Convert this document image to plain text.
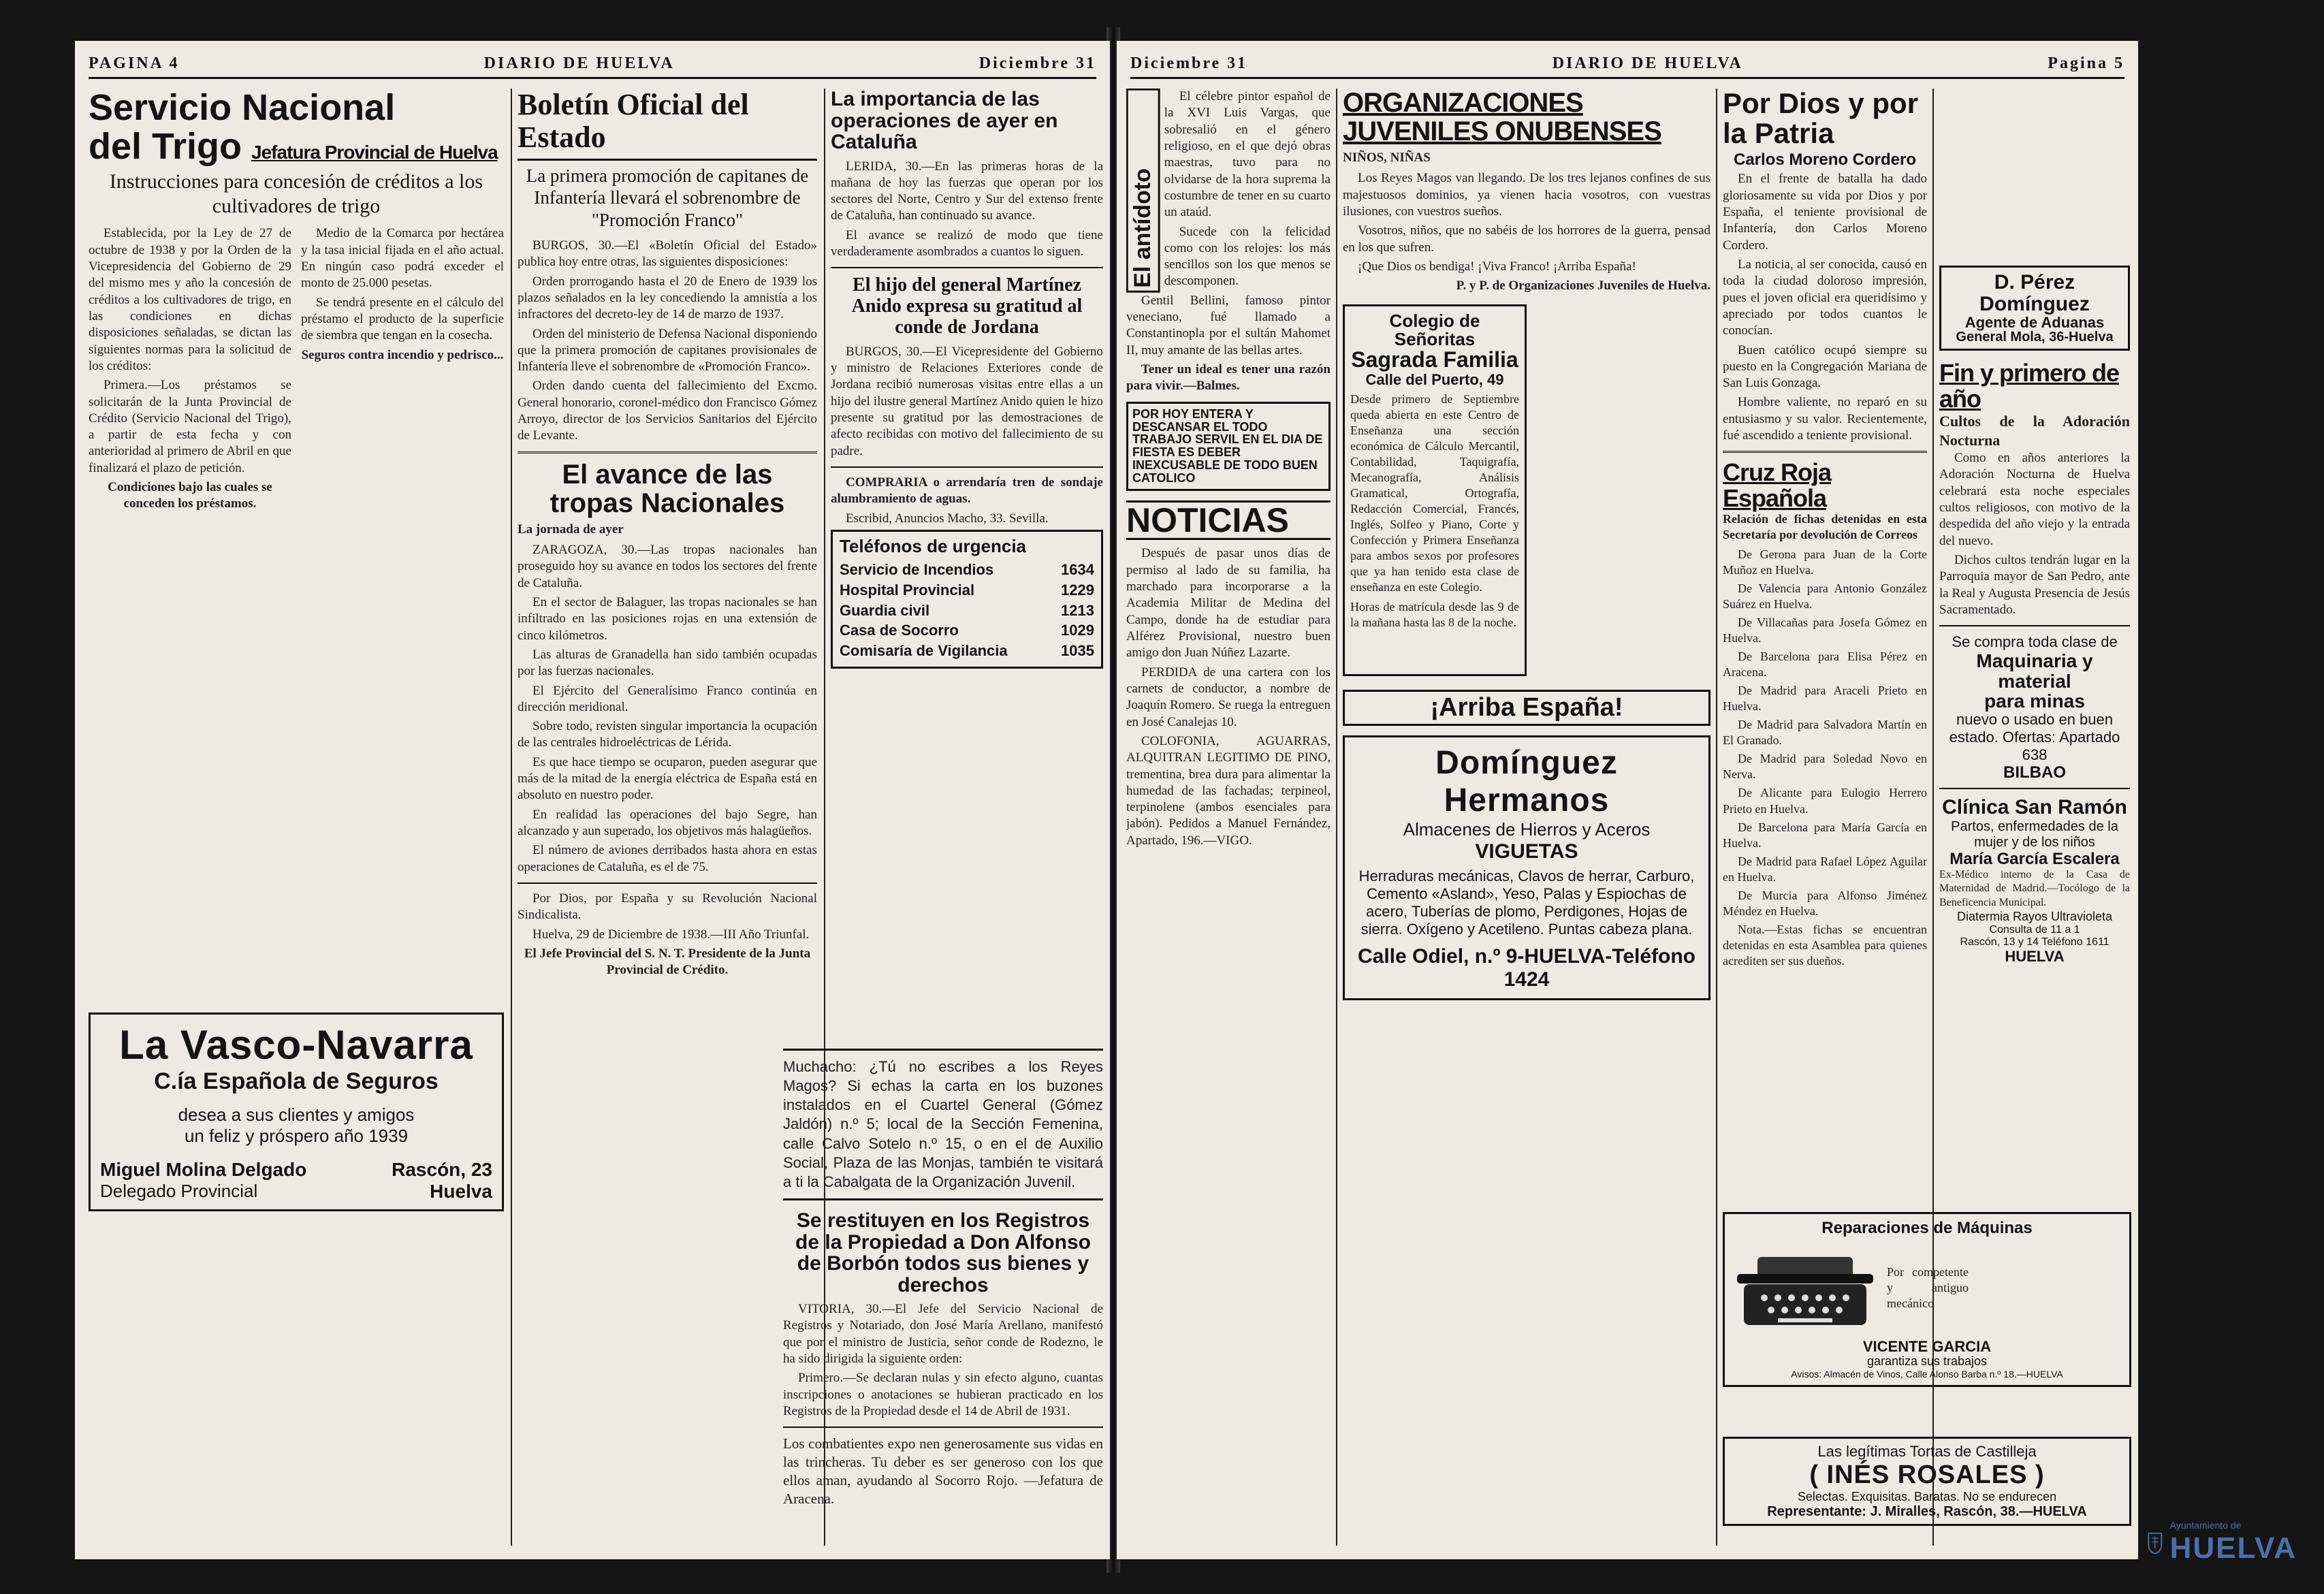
PAGINA 4	DIARIO DE HUELVA	Diciembre 31
Servicio Nacional
del Trigo Jefatura Provincial de Huelva
Instrucciones para concesión de créditos a los cultivadores de trigo

Establecida, por la Ley de 27 de octubre de 1938 y por la Orden de la Vicepresidencia del Gobierno de 29 del mismo mes y año la concesión de créditos a los cultivadores de trigo, en las condiciones en dichas disposiciones señaladas, se dictan las siguientes normas para la solicitud de los créditos:

Primera.—Los préstamos se solicitarán de la Junta Provincial de Crédito (Servicio Nacional del Trigo), a partir de esta fecha y con anterioridad al primero de Abril en que finalizará el plazo de petición.

Condiciones bajo las cuales se conceden los préstamos.

Medio de la Comarca por hectárea y la tasa inicial fijada en el año actual. En ningún caso podrá exceder el monto de 25.000 pesetas.

Se tendrá presente en el cálculo del préstamo el producto de la superficie de siembra que tengan en la cosecha.

Seguros contra incendio y pedrisco...

La Vasco-Navarra
C.ía Española de Seguros
desea a sus clientes y amigos
un feliz y próspero año 1939
Miguel Molina Delgado	Rascón, 23
Delegado Provincial	Huelva
Boletín Oficial del Estado
La primera promoción de capitanes de Infantería llevará el sobrenombre de "Promoción Franco"

BURGOS, 30.—El «Boletín Oficial del Estado» publica hoy entre otras, las siguientes disposiciones:

Orden prorrogando hasta el 20 de Enero de 1939 los plazos señalados en la ley concediendo la amnistía a los infractores del decreto-ley de 14 de marzo de 1937.

Orden del ministerio de Defensa Nacional disponiendo que la primera promoción de capitanes provisionales de Infantería lleve el sobrenombre de «Promoción Franco».

Orden dando cuenta del fallecimiento del Excmo. General honorario, coronel-médico don Francisco Gómez Arroyo, director de los Servicios Sanitarios del Ejército de Levante.

El avance de las tropas Nacionales
La jornada de ayer

ZARAGOZA, 30.—Las tropas nacionales han proseguido hoy su avance en todos los sectores del frente de Cataluña.

En el sector de Balaguer, las tropas nacionales se han infiltrado en las posiciones rojas en una extensión de cinco kilómetros.

Las alturas de Granadella han sido también ocupadas por las fuerzas nacionales.

El Ejército del Generalísimo Franco continúa en dirección meridional.

Sobre todo, revisten singular importancia la ocupación de las centrales hidroeléctricas de Lérida.

Es que hace tiempo se ocuparon, pueden asegurar que más de la mitad de la energía eléctrica de España está en absoluto en nuestro poder.

En realidad las operaciones del bajo Segre, han alcanzado y aun superado, los objetivos más halagüeños.

El número de aviones derribados hasta ahora en estas operaciones de Cataluña, es el de 75.

Por Dios, por España y su Revolución Nacional Sindicalista.

Huelva, 29 de Diciembre de 1938.—III Año Triunfal.

El Jefe Provincial del S. N. T. Presidente de la Junta Provincial de Crédito.

La importancia de las operaciones de ayer en Cataluña

LERIDA, 30.—En las primeras horas de la mañana de hoy las fuerzas que operan por los sectores del Norte, Centro y Sur del extenso frente de Cataluña, han continuado su avance.

El avance se realizó de modo que tiene verdaderamente asombrados a cuantos lo siguen.

El hijo del general Martínez Anido expresa su gratitud al conde de Jordana

BURGOS, 30.—El Vicepresidente del Gobierno y ministro de Relaciones Exteriores conde de Jordana recibió numerosas visitas entre ellas a un hijo del ilustre general Martínez Anido quien le hizo presente su gratitud por las demostraciones de afecto recibidas con motivo del fallecimiento de su padre.

COMPRARIA o arrendaría tren de sondaje alumbramiento de aguas.

Escribid, Anuncios Macho, 33. Sevilla.

Teléfonos de urgencia
Servicio de Incendios	1634
Hospital Provincial	1229
Guardia civil	1213
Casa de Socorro	1029
Comisaría de Vigilancia	1035
Muchacho: ¿Tú no escribes a los Reyes Magos? Si echas la carta en los buzones instalados en el Cuartel General (Gómez Jaldón) n.º 5; local de la Sección Femenina, calle Calvo Sotelo n.º 15, o en el de Auxilio Social, Plaza de las Monjas, también te visitará a ti la Cabalgata de la Organización Juvenil.
Se restituyen en los Registros de la Propiedad a Don Alfonso de Borbón todos sus bienes y derechos

VITORIA, 30.—El Jefe del Servicio Nacional de Registros y Notariado, don José María Arellano, manifestó que por el ministro de Justicia, señor conde de Rodezno, le ha sido dirigida la siguiente orden:

Primero.—Se declaran nulas y sin efecto alguno, cuantas inscripciones o anotaciones se hubieran practicado en los Registros de la Propiedad desde el 14 de Abril de 1931.

Los combatientes expo nen generosamente sus vidas en las trincheras. Tu deber es ser generoso con los que ellos aman, ayudando al Socorro Rojo. —Jefatura de Aracena.
Diciembre 31	DIARIO DE HUELVA	Pagina 5
El antídoto

El célebre pintor español de la XVI Luis Vargas, que sobresalió en el género religioso, en el que dejó obras maestras, tuvo para no olvidarse de la hora suprema la costumbre de tener en su cuarto un ataúd.

Sucede con la felicidad como con los relojes: los más sencillos son los que menos se descomponen.

Gentil Bellini, famoso pintor veneciano, fué llamado a Constantinopla por el sultán Mahomet II, muy amante de las bellas artes.

Tener un ideal es tener una razón para vivir.—Balmes.

POR HOY ENTERA Y DESCANSAR EL TODO TRABAJO SERVIL EN EL DIA DE FIESTA ES DEBER INEXCUSABLE DE TODO BUEN CATOLICO
NOTICIAS

Después de pasar unos días de permiso al lado de su familia, ha marchado para incorporarse a la Academia Militar de Medina del Campo, donde ha de estudiar para Alférez Provisional, nuestro buen amigo don Juan Núñez Lazarte.

PERDIDA de una cartera con los carnets de conductor, a nombre de Joaquín Romero. Se ruega la entreguen en José Canalejas 10.

COLOFONIA, AGUARRAS, ALQUITRAN LEGITIMO DE PINO, trementina, brea dura para alimentar la humedad de las fachadas; terpineol, terpinolene (ambos esenciales para jabón). Pedidos a Manuel Fernández, Apartado, 196.—VIGO.

ORGANIZACIONES JUVENILES ONUBENSES
NIÑOS, NIÑAS

Los Reyes Magos van llegando. De los tres lejanos confines de sus majestuosos dominios, ya vienen hacia vosotros, con vuestras ilusiones, con vuestros sueños.

Vosotros, niños, que no sabéis de los horrores de la guerra, pensad en los que sufren.

¡Que Dios os bendiga! ¡Viva Franco! ¡Arriba España!

P. y P. de Organizaciones Juveniles de Huelva.

Colegio de Señoritas
Sagrada Familia
Calle del Puerto, 49
Desde primero de Septiembre queda abierta en este Centro de Enseñanza una sección económica de Cálculo Mercantil, Contabilidad, Taquigrafía, Mecanografía, Análisis Gramatical, Ortografía, Redacción Comercial, Francés, Inglés, Solfeo y Piano, Corte y Confección y Primera Enseñanza para ambos sexos por profesores que ya han tenido esta clase de enseñanza en este Colegio.
Horas de matrícula desde las 9 de la mañana hasta las 8 de la noche.
¡Arriba España!
Domínguez Hermanos
Almacenes de Hierros y Aceros
VIGUETAS
Herraduras mecánicas, Clavos de herrar, Carburo, Cemento «Asland», Yeso, Palas y Espiochas de acero, Tuberías de plomo, Perdigones, Hojas de sierra. Oxígeno y Acetileno. Puntas cabeza plana.
Calle Odiel, n.º 9-HUELVA-Teléfono 1424
Por Dios y por la Patria
Carlos Moreno Cordero

En el frente de batalla ha dado gloriosamente su vida por Dios y por España, el teniente provisional de Infantería, don Carlos Moreno Cordero.

La noticia, al ser conocida, causó en toda la ciudad doloroso impresión, pues el joven oficial era queridísimo y apreciado por todos cuantos le conocían.

Buen católico ocupó siempre su puesto en la Congregación Mariana de San Luis Gonzaga.

Hombre valiente, no reparó en su entusiasmo y su valor. Recientemente, fué ascendido a teniente provisional.

Cruz Roja Española
Relación de fichas detenidas en esta Secretaría por devolución de Correos

De Gerona para Juan de la Corte Muñoz en Huelva.

De Valencia para Antonio González Suárez en Huelva.

De Villacañas para Josefa Gómez en Huelva.

De Barcelona para Elisa Pérez en Aracena.

De Madrid para Araceli Prieto en Huelva.

De Madrid para Salvadora Martín en El Granado.

De Madrid para Soledad Novo en Nerva.

De Alicante para Eulogio Herrero Prieto en Huelva.

De Barcelona para María García en Huelva.

De Madrid para Rafael López Aguilar en Huelva.

De Murcia para Alfonso Jiménez Méndez en Huelva.

Nota.—Estas fichas se encuentran detenidas en esta Asamblea para quienes acrediten ser sus dueños.

D. Pérez Domínguez
Agente de Aduanas
General Mola, 36-Huelva
Fin y primero de año
Cultos de la Adoración Nocturna

Como en años anteriores la Adoración Nocturna de Huelva celebrará esta noche especiales cultos religiosos, con motivo de la despedida del año viejo y la entrada del nuevo.

Dichos cultos tendrán lugar en la Parroquia mayor de San Pedro, ante la Real y Augusta Presencia de Jesús Sacramentado.

Se compra toda clase de
Maquinaria y material
para minas
nuevo o usado en buen estado. Ofertas: Apartado 638
BILBAO
Clínica San Ramón
Partos, enfermedades de la mujer y de los niños
María García Escalera
Ex-Médico interno de la Casa de Maternidad de Madrid.—Tocólogo de la Beneficencia Municipal.
Diatermia Rayos Ultravioleta
Consulta de 11 a 1
Rascón, 13 y 14 Teléfono 1611
HUELVA
Reparaciones de Máquinas
Por competente y antiguo mecánico
VICENTE GARCIA
garantiza sus trabajos
Avisos: Almacén de Vinos, Calle Alonso Barba n.º 18.—HUELVA
Las legítimas Tortas de Castilleja
( INÉS ROSALES )
Selectas. Exquisitas. Baratas. No se endurecen
Representante: J. Miralles, Rascón, 38.—HUELVA
Ayuntamiento de
HUELVA
